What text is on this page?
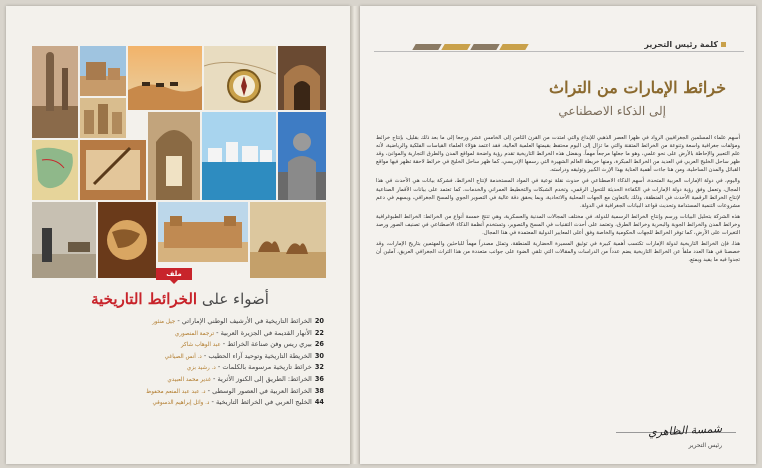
ملف
أضواء على الخرائط التاريخية
20الخرائط التاريخية في الأرشيف الوطني الإماراتي - جيل منثور
22الأنهار القديمة في الجزيرة العربية - ترجمة المنصوري
26بيري ريس وفن صناعة الخرائط - عبد الوهاب شاكر
30الخريطة التاريخية وتوحيد آراء الحطيب - د. أنس الصياغي
32خرائط تاريخية مرسومة بالكلمات - د. رشيد بزي
36الخرائط: الطريق إلى الكنوز الأثرية - غدير محمد العبيدي
38الخرائط العربية في العصور الوسطى - د. عبد عبد المنعم محفوظ
44الخليج العربي في الخرائط التاريخية - د. وائل إبراهيم الدسوقي
كلمة رئيس التحرير
خرائط الإمارات من التراث
إلى الذكاء الاصطناعي

أسهم علماء المسلمين الجغرافيين الرواد في ظهرا العصر الذهبي للإبداع والتي امتدت من القرن الثامن إلى الخامس عشر ورجعا إلى ما بعد ذلك بقليل، بإنتاج خرائط ومؤلفات جغرافية واسعة وتنوعة من الخرائط المتقنة والتي ما تزال إلى اليوم محتفظ بقيمتها العلمية العالية، فقد اعتمد هؤلاء العلماء القياسات الفلكية والرياضية، لأنه علم التعبير والإحاطة بالأرض على نحو علمي، وهو ما جعلها مرجعاً مهماً. وبفضل هذه الخرائط التاريخية تقدم رؤية واضحة لمواقع المدن والطرق التجارية والموانئ، وقد ظهر ساحل الخليج العربي في العديد من الخرائط المبكرة، ومنها خريطة العالم الشهيرة التي رسمها الإدريسي، كما ظهر ساحل الخليج في خرائط لاحقة تظهر فيها مواقع القبائل والمدن الساحلية، ومن هنا جاءت أهمية العناية بهذا الإرث الكبير وتوثيقه ودراسته.

واليوم، في دولة الإمارات العربية المتحدة، أسهم الذكاء الاصطناعي في حدوث نقلة نوعية في المواد المستخدمة لإنتاج الخرائط، فشركة بيانات هي الأحدث في هذا المجال، وتعمل وفق رؤية دولة الإمارات في الكفاءة الحديثة للتحول الرقمي، وتخدم الشبكات والتخطيط العمراني والخدمات، كما تعتمد على بيانات الأقمار الصناعية لإنتاج الخرائط الرقمية الأحدث في المنطقة، وذلك بالتعاون مع الجهات المحلية والاتحادية، وبما يحقق دقة عالية في التصوير الجوي والمسح الجغرافي، ويسهم في دعم مشروعات التنمية المستدامة وتحديث قواعد البيانات الجغرافية في الدولة.

هذه الشركة بتحليل البيانات ورسم وإنتاج الخرائط الرسمية للدولة، في مختلف المجالات المدنية والعسكرية، وهي تنتج خمسة أنواع من الخرائط: الخرائط الطبوغرافية وخرائط المدن والخرائط الجوية والبحرية وخرائط الطرق، وتعتمد على أحدث التقنيات في المسح والتصوير، وتستخدم أنظمة الذكاء الاصطناعي في تصنيف الصور ورصد التغيرات على الأرض، كما توفر الخرائط للجهات الحكومية والخاصة وفق أعلى المعايير الدولية المعتمدة في هذا المجال.

هذا، فإن الخرائط التاريخية لدولة الإمارات تكتسب أهمية كبيرة في توثيق المسيرة الحضارية للمنطقة، وتمثل مصدراً مهماً للباحثين والمهتمين بتاريخ الإمارات، وقد خصصنا في هذا العدد ملفاً عن الخرائط التاريخية يضم عدداً من الدراسات والمقالات التي تلقي الضوء على جوانب متعددة من هذا التراث الجغرافي العريق، آملين أن تجدوا فيه ما يفيد ويمتع.

شمسة الظاهري
رئيس التحرير
